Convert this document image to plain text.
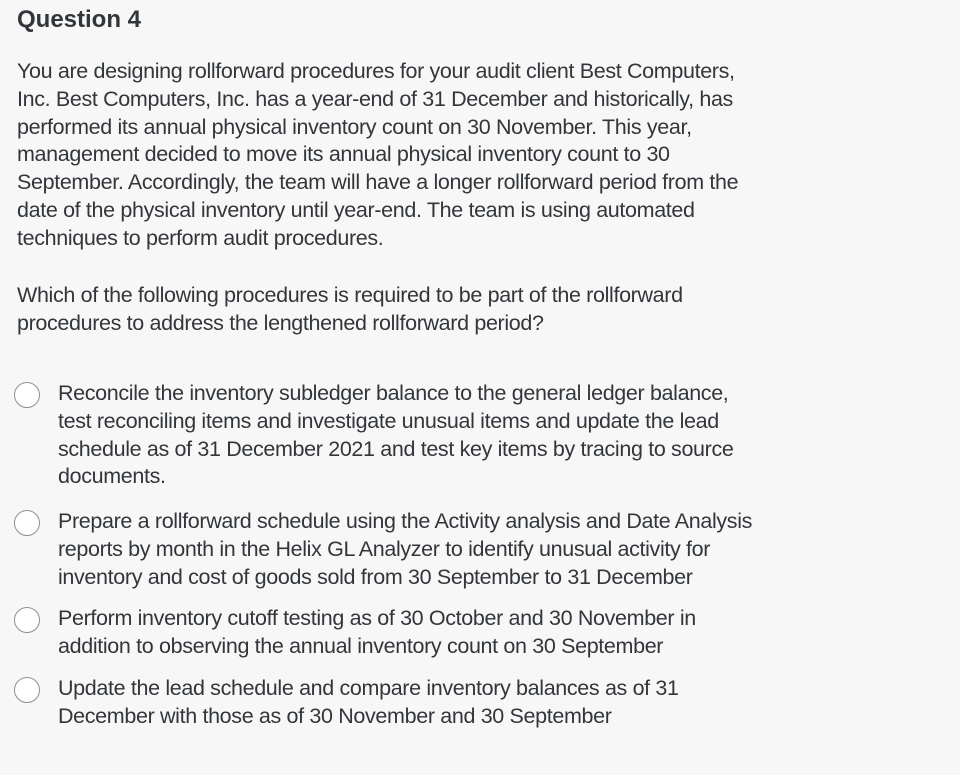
Question 4
You are designing rollforward procedures for your audit client Best Computers,
Inc. Best Computers, Inc. has a year-end of 31 December and historically, has
performed its annual physical inventory count on 30 November. This year,
management decided to move its annual physical inventory count to 30
September. Accordingly, the team will have a longer rollforward period from the
date of the physical inventory until year-end. The team is using automated
techniques to perform audit procedures.
Which of the following procedures is required to be part of the rollforward
procedures to address the lengthened rollforward period?
Reconcile the inventory subledger balance to the general ledger balance,
test reconciling items and investigate unusual items and update the lead
schedule as of 31 December 2021 and test key items by tracing to source
documents.
Prepare a rollforward schedule using the Activity analysis and Date Analysis
reports by month in the Helix GL Analyzer to identify unusual activity for
inventory and cost of goods sold from 30 September to 31 December
Perform inventory cutoff testing as of 30 October and 30 November in
addition to observing the annual inventory count on 30 September
Update the lead schedule and compare inventory balances as of 31
December with those as of 30 November and 30 September
